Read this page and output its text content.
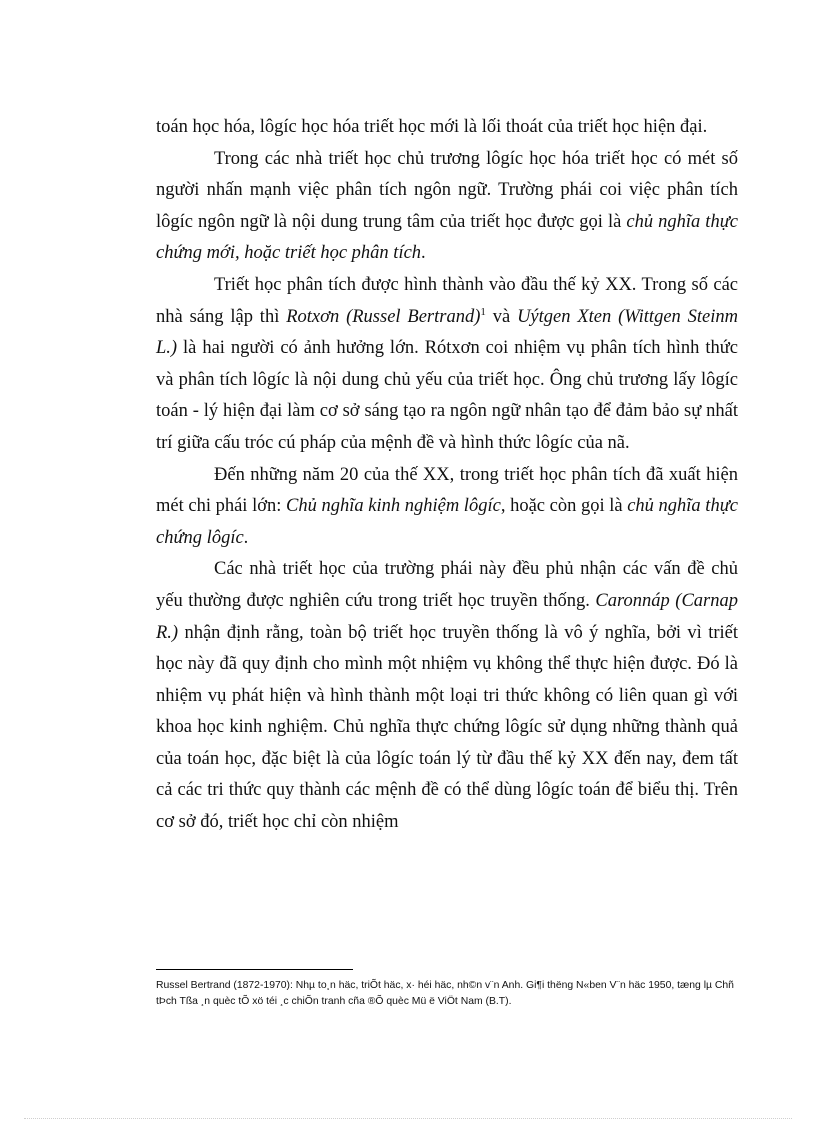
toán học hóa, lôgíc học hóa triết học mới là lối thoát của triết học hiện đại.

Trong các nhà triết học chủ trương lôgíc học hóa triết học có mét số người nhấn mạnh việc phân tích ngôn ngữ. Trường phái coi việc phân tích lôgíc ngôn ngữ là nội dung trung tâm của triết học được gọi là chủ nghĩa thực chứng mới, hoặc triết học phân tích.

Triết học phân tích được hình thành vào đầu thế kỷ XX. Trong số các nhà sáng lập thì Rotxơn (Russel Bertrand)$^1$ và Uýtgen Xten (Wittgen Steinm L.) là hai người có ảnh hưởng lớn. Rótxơn coi nhiệm vụ phân tích hình thức và phân tích lôgíc là nội dung chủ yếu của triết học. Ông chủ trương lấy lôgíc toán - lý hiện đại làm cơ sở sáng tạo ra ngôn ngữ nhân tạo để đảm bảo sự nhất trí giữa cấu tróc cú pháp của mệnh đề và hình thức lôgíc của nã.

Đến những năm 20 của thế XX, trong triết học phân tích đã xuất hiện mét chi phái lớn: Chủ nghĩa kinh nghiệm lôgíc, hoặc còn gọi là chủ nghĩa thực chứng lôgíc.

Các nhà triết học của trường phái này đều phủ nhận các vấn đề chủ yếu thường được nghiên cứu trong triết học truyền thống. Caronnáp (Carnap R.) nhận định rằng, toàn bộ triết học truyền thống là vô ý nghĩa, bởi vì triết học này đã quy định cho mình một nhiệm vụ không thể thực hiện được. Đó là nhiệm vụ phát hiện và hình thành một loại tri thức không có liên quan gì với khoa học kinh nghiệm. Chủ nghĩa thực chứng lôgíc sử dụng những thành quả của toán học, đặc biệt là của lôgíc toán lý từ đầu thế kỷ XX đến nay, đem tất cả các tri thức quy thành các mệnh đề có thể dùng lôgíc toán để biểu thị. Trên cơ sở đó, triết học chỉ còn nhiệm

Russel Bertrand (1872-1970): Nhµ to¸n häc, triÕt häc, x· héi häc, nh©n v¨n Anh. Gi¶i thëng N«ben V¨n häc 1950, tæng lµ Chñ tÞch Tßa ¸n quèc tÕ xö téi ¸c chiÕn tranh cña ®Õ quèc Mü ë ViÖt Nam (B.T).
